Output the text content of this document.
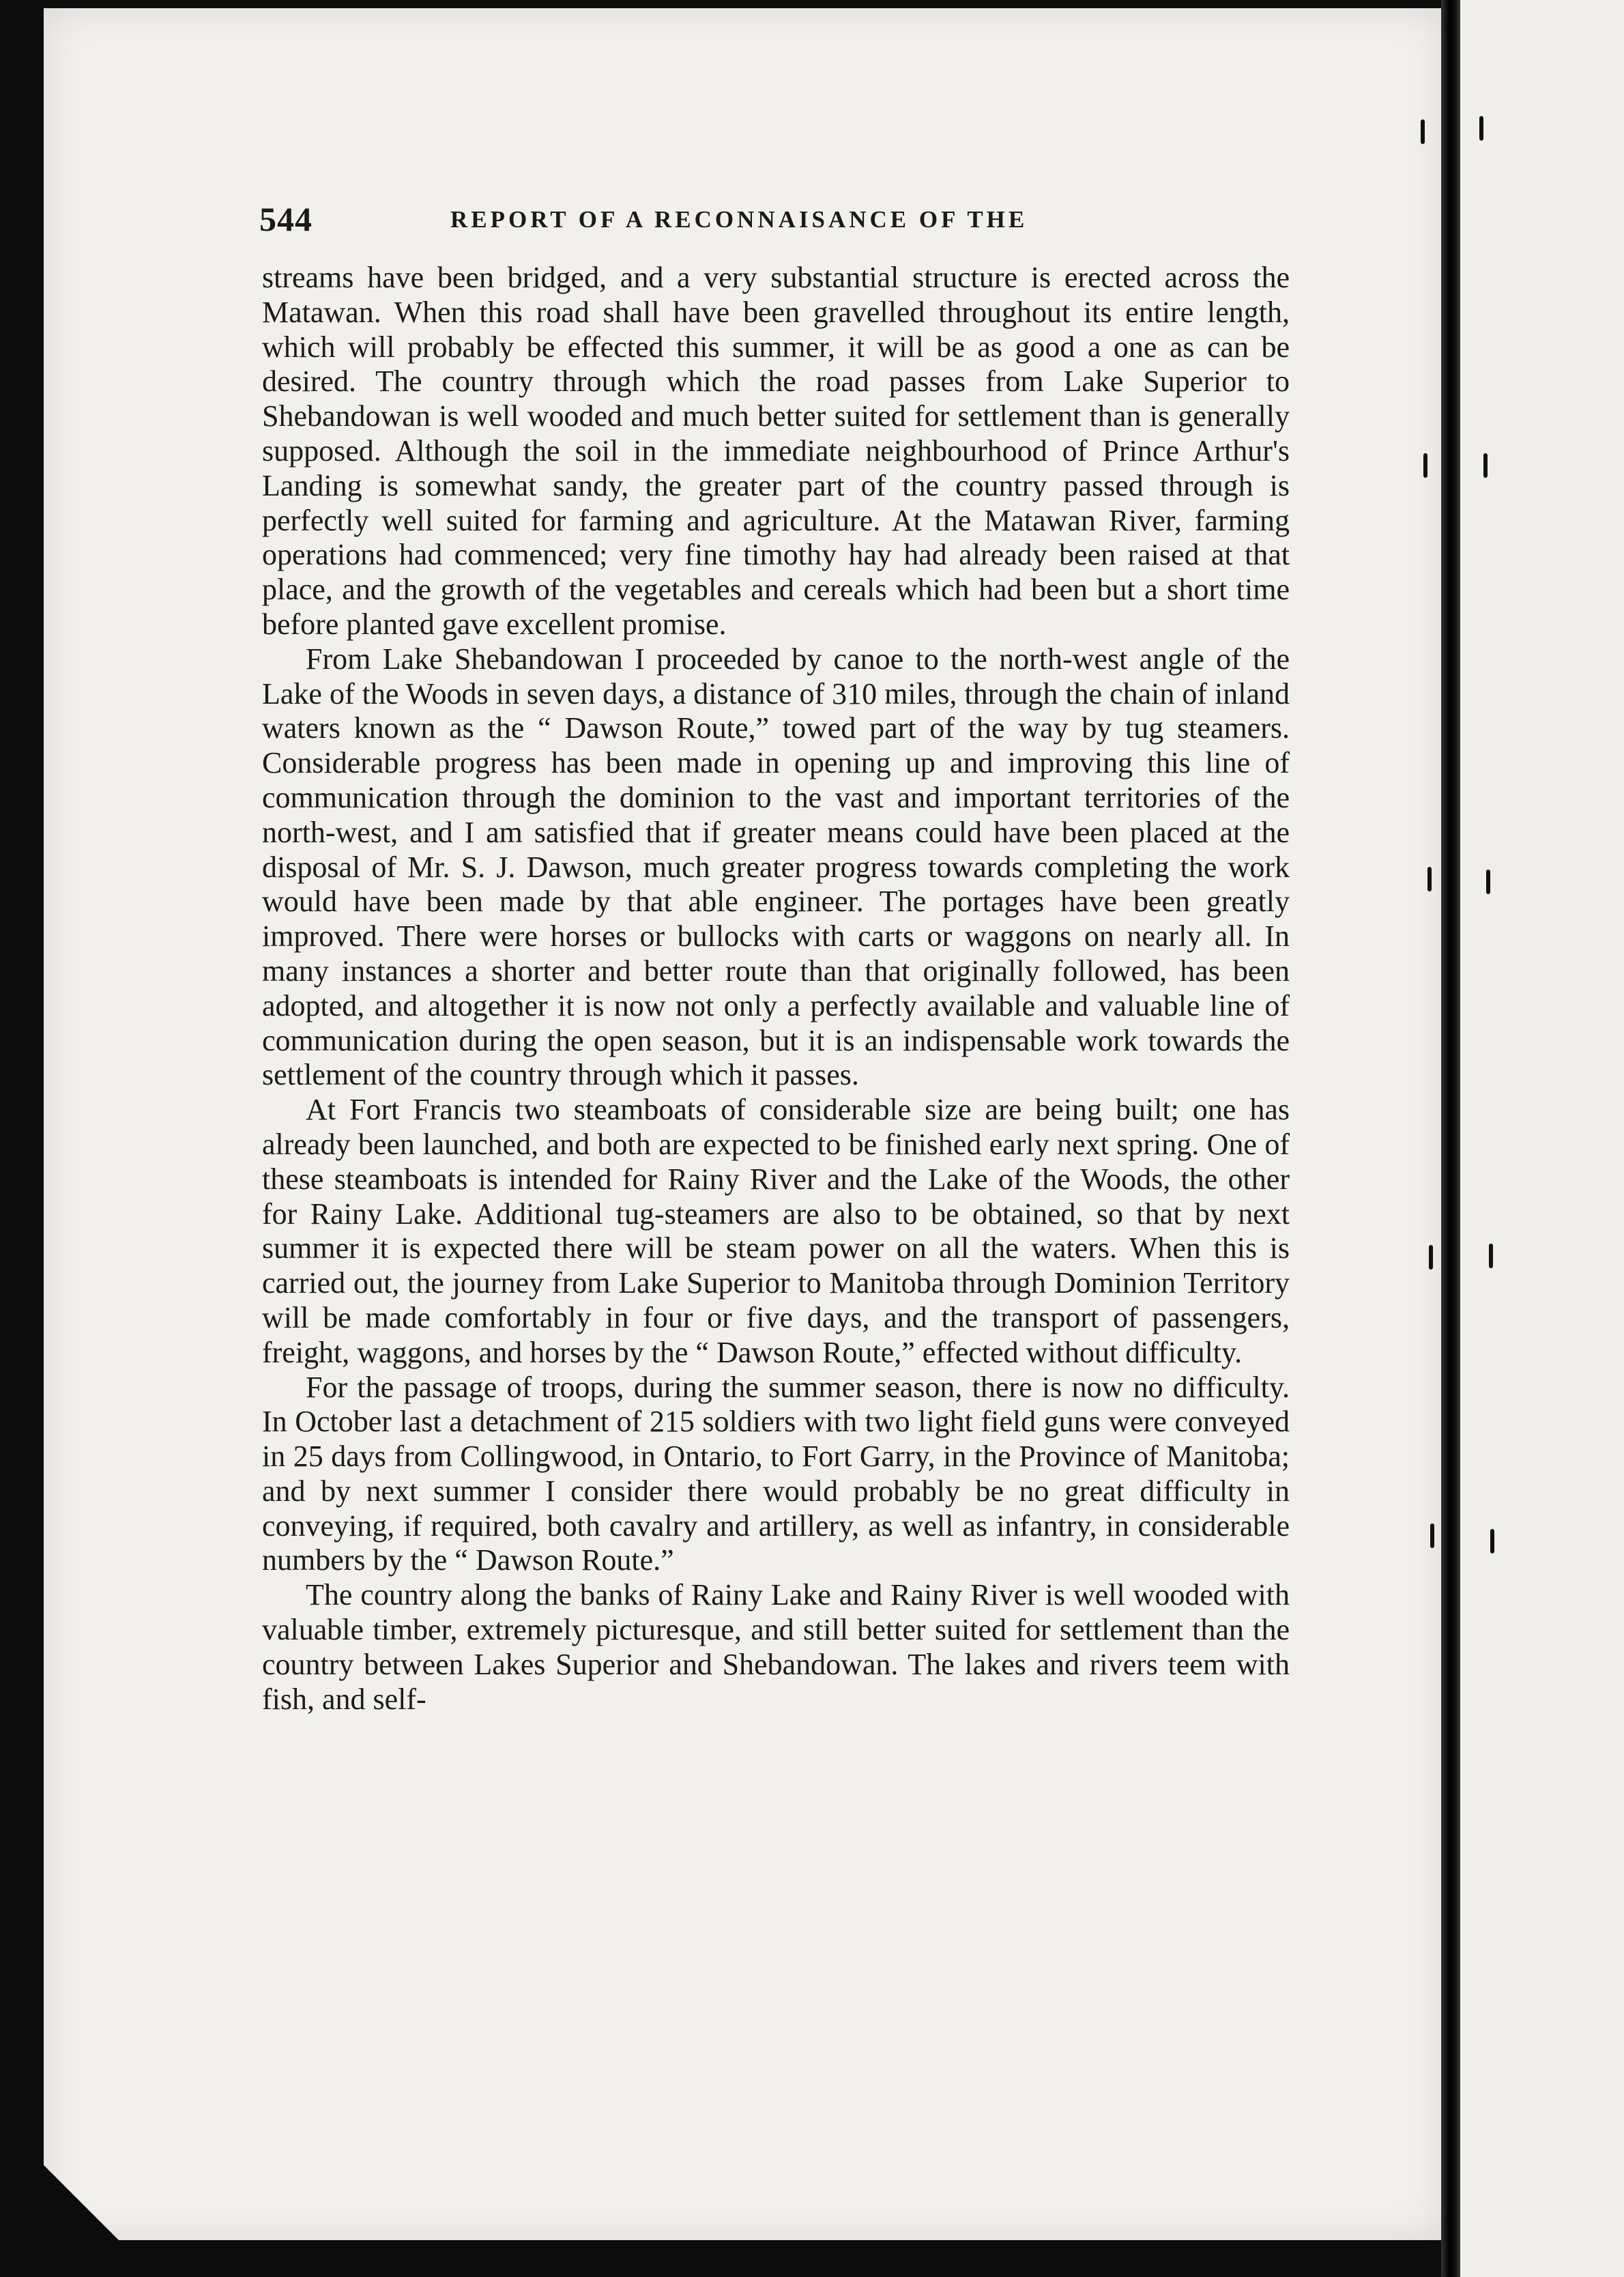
544	REPORT OF A RECONNAISANCE OF THE

streams have been bridged, and a very substantial structure is erected across the Matawan. When this road shall have been gravelled throughout its entire length, which will probably be effected this summer, it will be as good a one as can be desired. The country through which the road passes from Lake Superior to Shebandowan is well wooded and much better suited for settlement than is generally supposed. Although the soil in the immediate neighbourhood of Prince Arthur's Landing is somewhat sandy, the greater part of the country passed through is perfectly well suited for farming and agriculture. At the Matawan River, farming operations had commenced; very fine timothy hay had already been raised at that place, and the growth of the vegetables and cereals which had been but a short time before planted gave excellent promise.

From Lake Shebandowan I proceeded by canoe to the north-west angle of the Lake of the Woods in seven days, a distance of 310 miles, through the chain of inland waters known as the “ Dawson Route,” towed part of the way by tug steamers. Considerable progress has been made in opening up and improving this line of communication through the dominion to the vast and important territories of the north-west, and I am satisfied that if greater means could have been placed at the disposal of Mr. S. J. Dawson, much greater progress towards completing the work would have been made by that able engineer. The portages have been greatly improved. There were horses or bullocks with carts or waggons on nearly all. In many instances a shorter and better route than that originally followed, has been adopted, and altogether it is now not only a perfectly available and valuable line of communication during the open season, but it is an indispensable work towards the settlement of the country through which it passes.

At Fort Francis two steamboats of considerable size are being built; one has already been launched, and both are expected to be finished early next spring. One of these steamboats is intended for Rainy River and the Lake of the Woods, the other for Rainy Lake. Additional tug-steamers are also to be obtained, so that by next summer it is expected there will be steam power on all the waters. When this is carried out, the journey from Lake Superior to Manitoba through Dominion Territory will be made comfortably in four or five days, and the transport of passengers, freight, waggons, and horses by the “ Dawson Route,” effected without difficulty.

For the passage of troops, during the summer season, there is now no difficulty. In October last a detachment of 215 soldiers with two light field guns were conveyed in 25 days from Collingwood, in Ontario, to Fort Garry, in the Province of Manitoba; and by next summer I consider there would probably be no great difficulty in conveying, if required, both cavalry and artillery, as well as infantry, in considerable numbers by the “ Dawson Route.”

The country along the banks of Rainy Lake and Rainy River is well wooded with valuable timber, extremely picturesque, and still better suited for settlement than the country between Lakes Superior and Shebandowan. The lakes and rivers teem with fish, and self-
